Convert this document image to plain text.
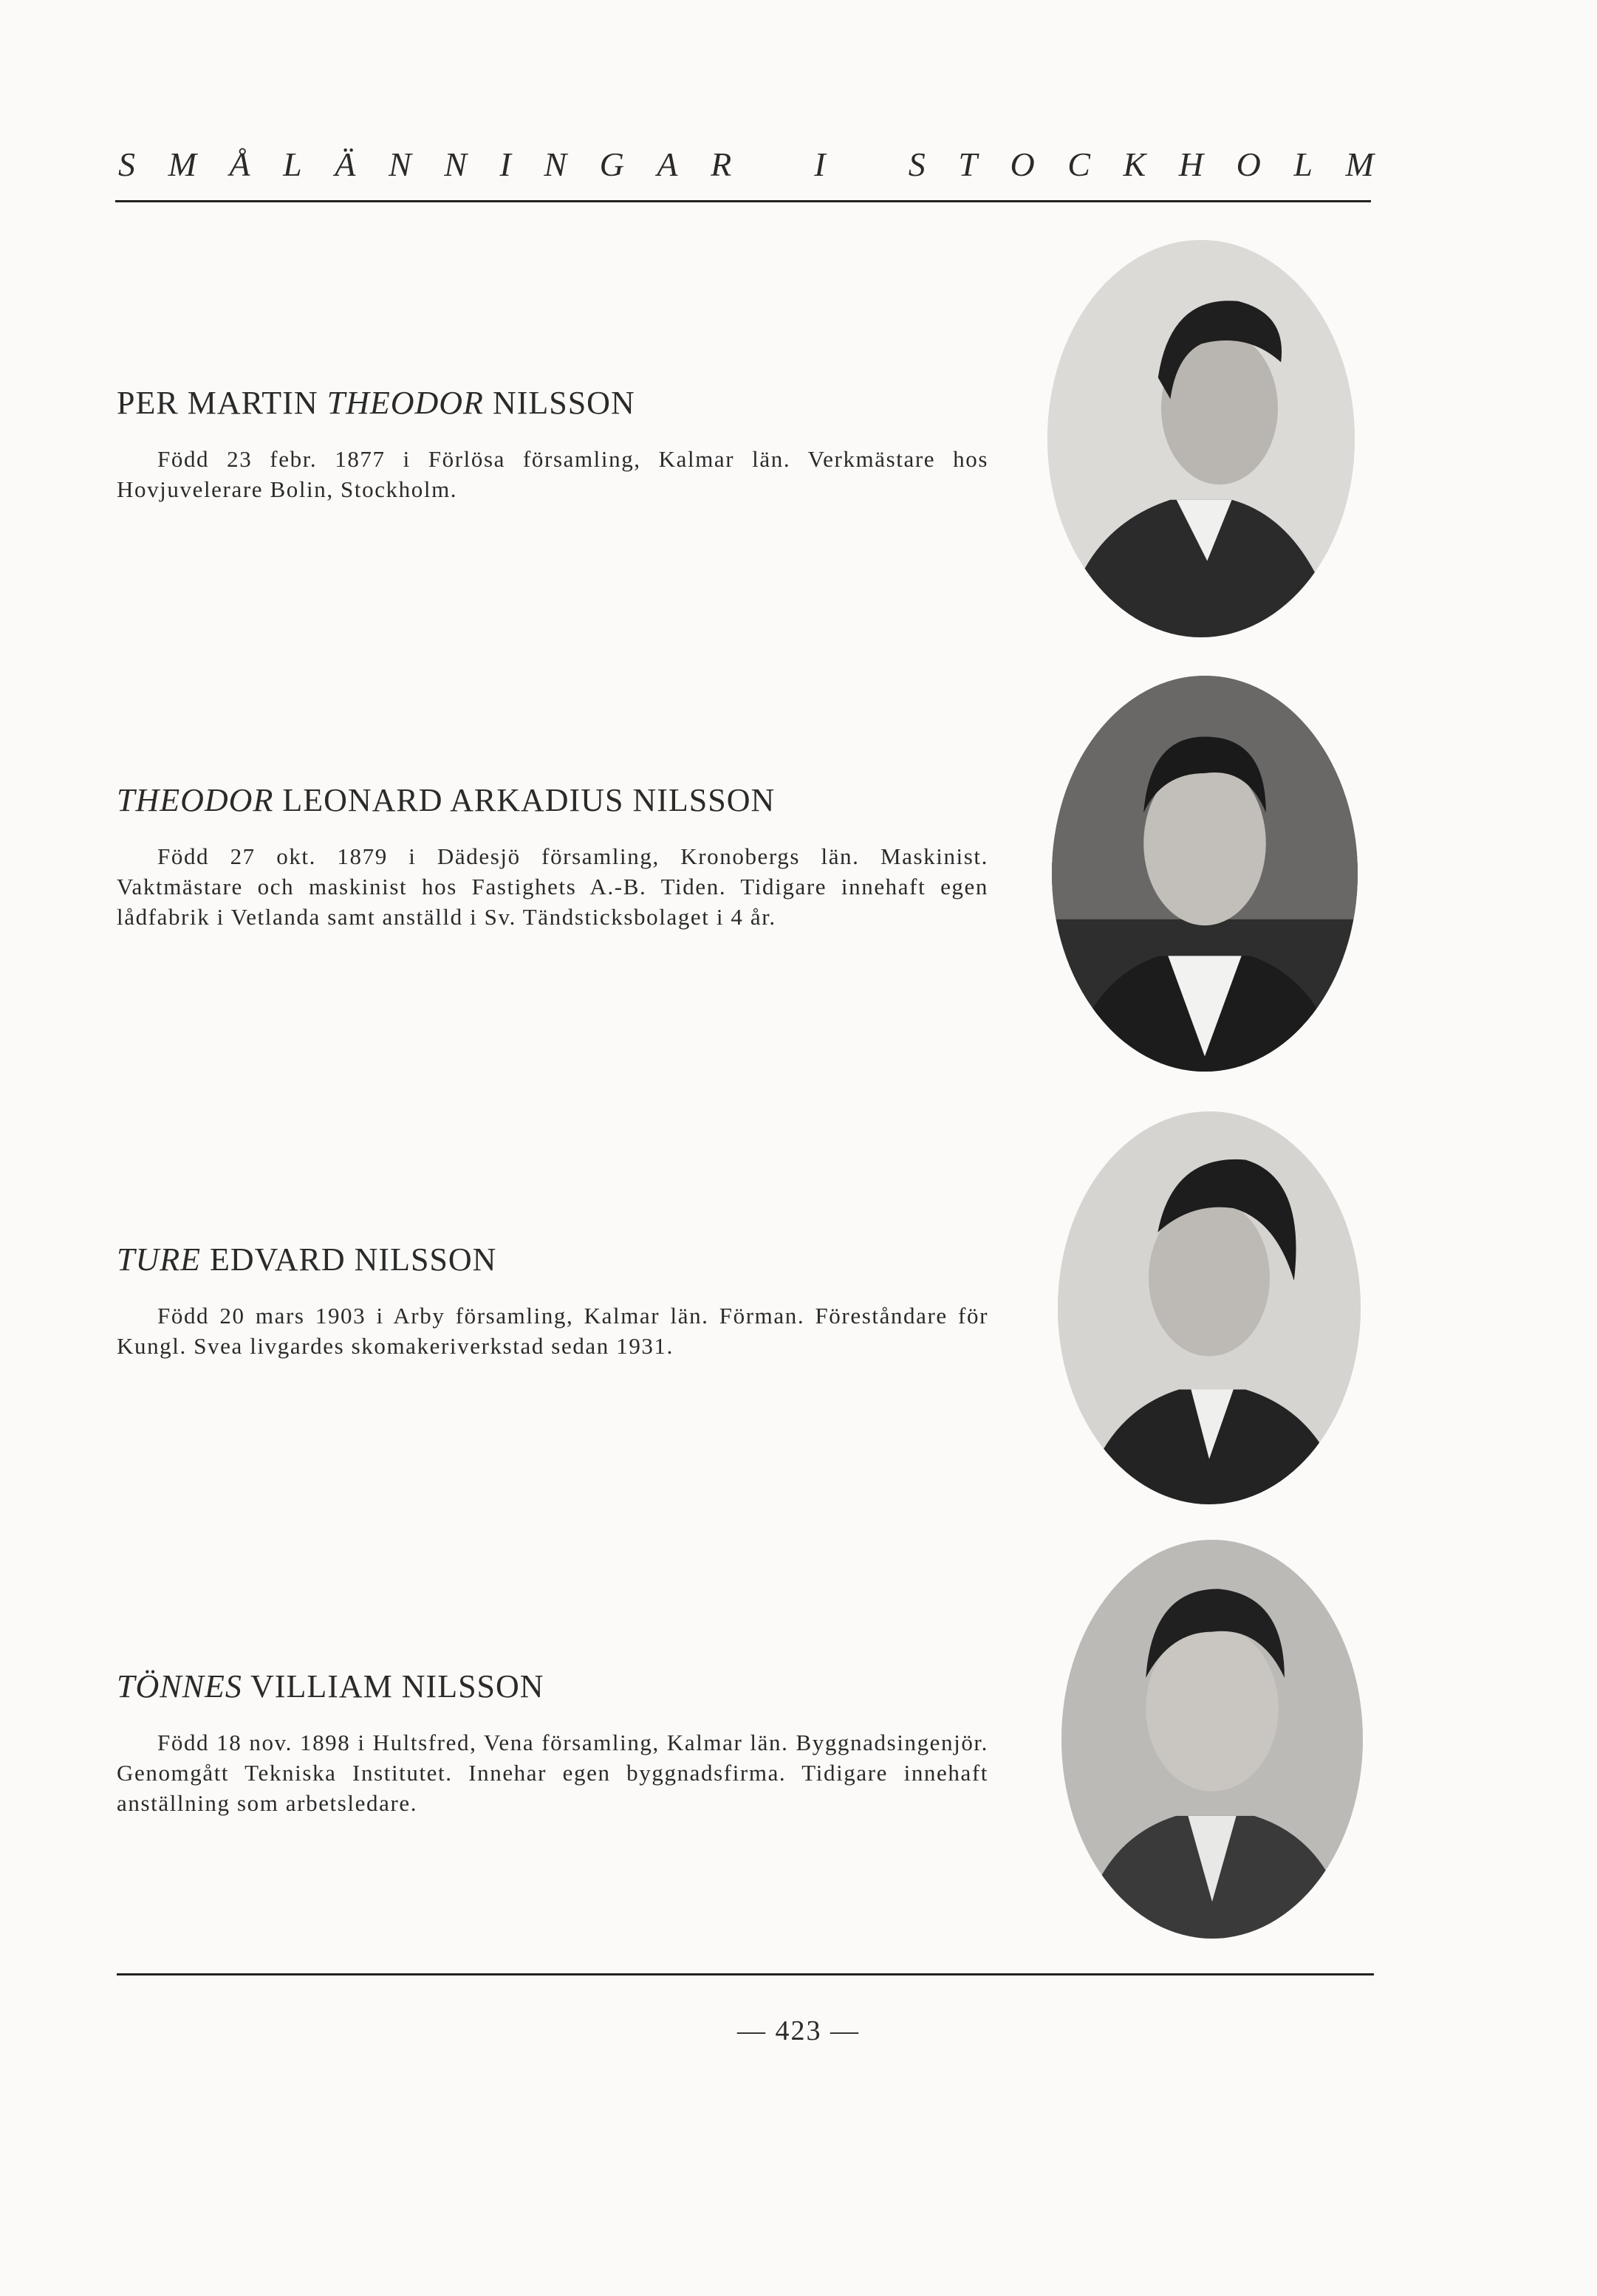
S M Å L Ä N N I N G A R
I
S T O C K H O L M

PER MARTIN THEODOR NILSSON

Född 23 febr. 1877 i Förlösa församling, Kalmar län. Verkmästare hos Hovjuvelerare Bolin, Stockholm.

THEODOR LEONARD ARKADIUS NILSSON

Född 27 okt. 1879 i Dädesjö församling, Kronobergs län. Maskinist. Vaktmästare och maskinist hos Fastighets A.-B. Tiden. Tidigare innehaft egen lådfabrik i Vetlanda samt anställd i Sv. Tändsticksbolaget i 4 år.

TURE EDVARD NILSSON

Född 20 mars 1903 i Arby församling, Kalmar län. Förman. Föreståndare för Kungl. Svea livgardes skomakeriverkstad sedan 1931.

TÖNNES VILLIAM NILSSON

Född 18 nov. 1898 i Hultsfred, Vena församling, Kalmar län. Byggnadsingenjör. Genomgått Tekniska Institutet. Innehar egen byggnadsfirma. Tidigare innehaft anställning som arbetsledare.

— 423 —
